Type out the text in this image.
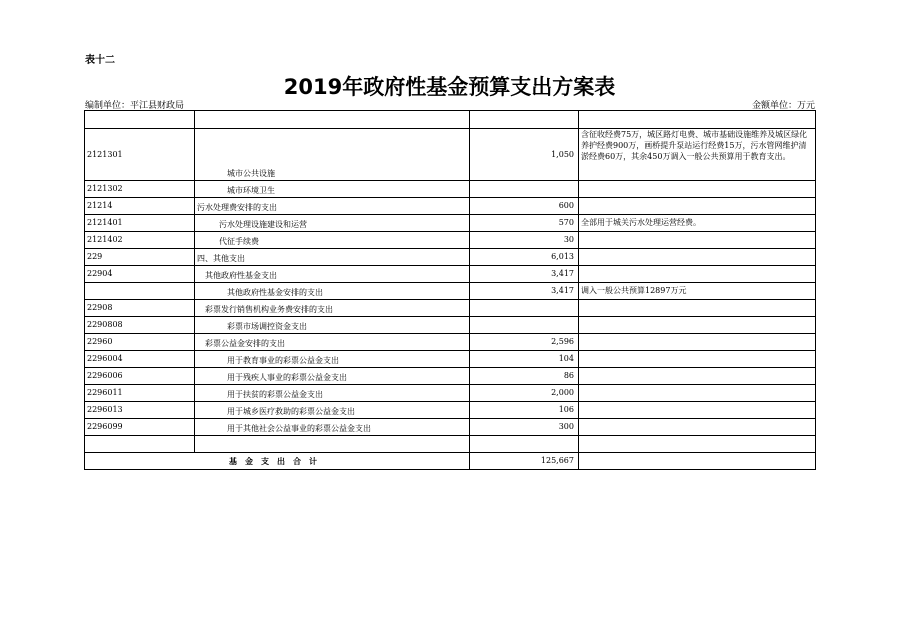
表十二
2019年政府性基金预算支出方案表
编制单位：平江县财政局	金额单位：万元

2121301	城市公共设施	1,050	含征收经费75万，城区路灯电费、城市基础设施维养及城区绿化养护经费900万，画桥提升泵站运行经费15万，污水管网维护清淤经费60万，其余450万调入一般公共预算用于教育支出。
2121302	城市环境卫生		
21214	污水处理费安排的支出	600	
2121401	污水处理设施建设和运营	570	全部用于城关污水处理运营经费。
2121402	代征手续费	30	
229	四、其他支出	6,013	
22904	其他政府性基金支出	3,417	
	其他政府性基金安排的支出	3,417	调入一般公共预算12897万元
22908	彩票发行销售机构业务费安排的支出		
2290808	彩票市场调控资金支出		
22960	彩票公益金安排的支出	2,596	
2296004	用于教育事业的彩票公益金支出	104	
2296006	用于残疾人事业的彩票公益金支出	86	
2296011	用于扶贫的彩票公益金支出	2,000	
2296013	用于城乡医疗救助的彩票公益金支出	106	
2296099	用于其他社会公益事业的彩票公益金支出	300	

基金支出合计		125,667	
